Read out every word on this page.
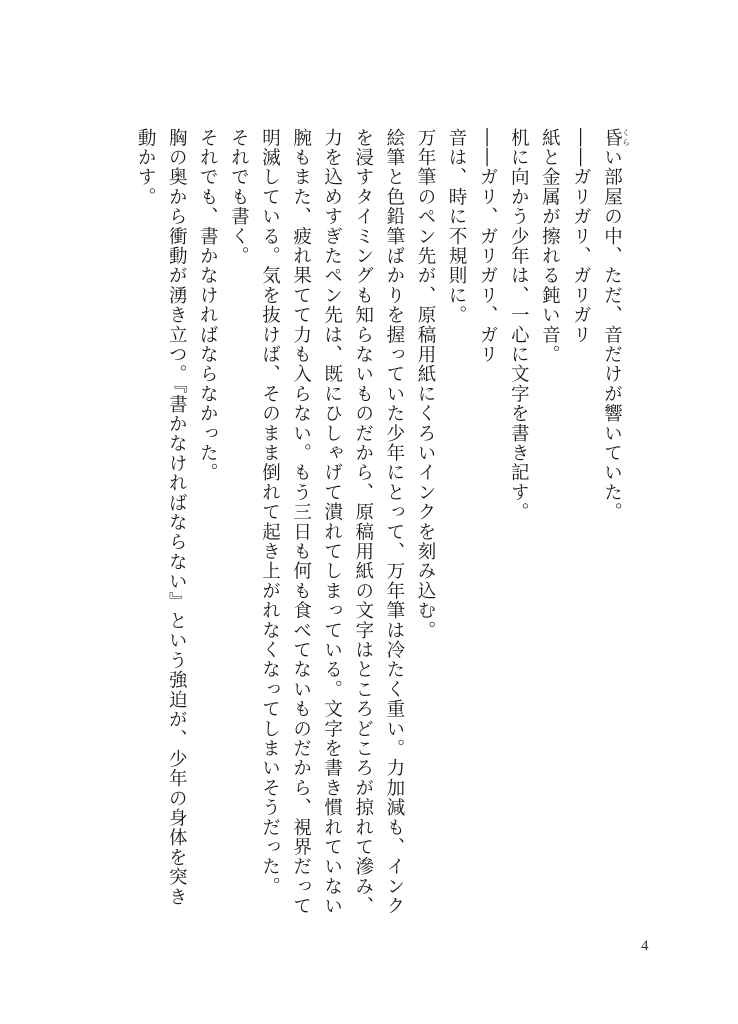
昏 くらい部屋の中、ただ、音だけが響いていた。

――ガリガリ、ガリガリ

紙と金属が擦れる鈍い音。

机に向かう少年は、一心に文字を書き記す。

――ガリ、ガリガリ、ガリ

音は、時に不規則に。

万年筆のペン先が、原稿用紙にくろいインクを刻み込む。

絵筆と色鉛筆ばかりを握っていた少年にとって、万年筆は冷たく重い。力加減も、インクを浸すタイミングも知らないものだから、原稿用紙の文字はところどころが掠れて滲み、力を込めすぎたペン先は、既にひしゃげて潰れてしまっている。文字を書き慣れていない腕もまた、疲れ果てて力も入らない。もう三日も何も食べてないものだから、視界だって明滅している。気を抜けば、そのまま倒れて起き上がれなくなってしまいそうだった。

それでも書く。

それでも、書かなければならなかった。

胸の奥から衝動が湧き立つ。『書かなければならない』という強迫が、少年の身体を突き動かす。

4
